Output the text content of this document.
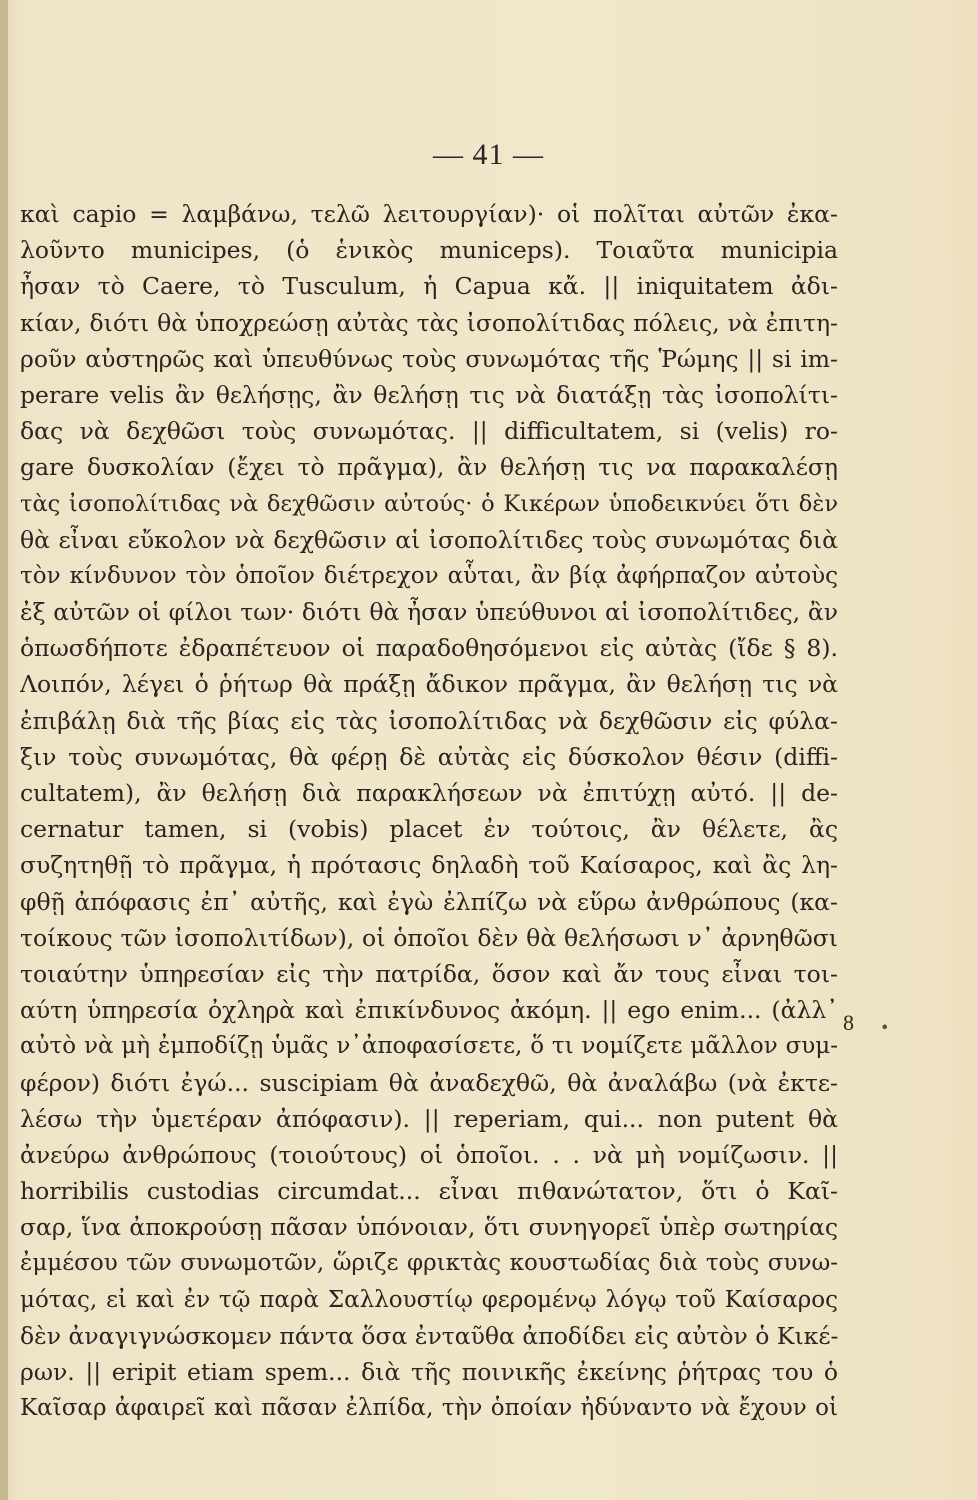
— 41 —
καὶ capio = λαμβάνω, τελῶ λειτουργίαν)· οἱ πολῖται αὐτῶν ἐκα-
λοῦντο municipes, (ὁ ἑνικὸς municeps). Τοιαῦτα municipia
ἦσαν τὸ Caere, τὸ Tusculum, ἡ Capua κἄ. || iniquitatem ἀδι-
κίαν, διότι θὰ ὑποχρεώσῃ αὐτὰς τὰς ἰσοπολίτιδας πόλεις, νὰ ἐπιτη-
ροῦν αὐστηρῶς καὶ ὑπευθύνως τοὺς συνωμότας τῆς Ῥώμης || si im-
perare velis ἂν θελήσῃς, ἂν θελήσῃ τις νὰ διατάξῃ τὰς ἰσοπολίτι-
δας νὰ δεχθῶσι τοὺς συνωμότας. || difficultatem, si (velis) ro-
gare δυσκολίαν (ἔχει τὸ πρᾶγμα), ἂν θελήσῃ τις να παρακαλέσῃ
τὰς ἰσοπολίτιδας νὰ δεχθῶσιν αὐτούς· ὁ Κικέρων ὑποδεικνύει ὅτι δὲν
θὰ εἶναι εὔκολον νὰ δεχθῶσιν αἱ ἰσοπολίτιδες τοὺς συνωμότας διὰ
τὸν κίνδυνον τὸν ὁποῖον διέτρεχον αὗται, ἂν βίᾳ ἀφήρπαζον αὐτοὺς
ἐξ αὐτῶν οἱ φίλοι των· διότι θὰ ἦσαν ὑπεύθυνοι αἱ ἰσοπολίτιδες, ἂν
ὁπωσδήποτε ἐδραπέτευον οἱ παραδοθησόμενοι εἰς αὐτὰς (ἴδε § 8).
Λοιπόν, λέγει ὁ ῥήτωρ θὰ πράξῃ ἄδικον πρᾶγμα, ἂν θελήσῃ τις νὰ
ἐπιβάλῃ διὰ τῆς βίας εἰς τὰς ἰσοπολίτιδας νὰ δεχθῶσιν εἰς φύλα-
ξιν τοὺς συνωμότας, θὰ φέρῃ δὲ αὐτὰς εἰς δύσκολον θέσιν (diffi-
cultatem), ἂν θελήσῃ διὰ παρακλήσεων νὰ ἐπιτύχῃ αὐτό. || de-
cernatur tamen, si (vobis) placet ἐν τούτοις, ἂν θέλετε, ἂς
συζητηθῇ τὸ πρᾶγμα, ἡ πρότασις δηλαδὴ τοῦ Καίσαρος, καὶ ἂς λη-
φθῇ ἀπόφασις ἐπ᾽ αὐτῆς, καὶ ἐγὼ ἐλπίζω νὰ εὕρω ἀνθρώπους (κα-
τοίκους τῶν ἰσοπολιτίδων), οἱ ὁποῖοι δὲν θὰ θελήσωσι ν᾽ ἀρνηθῶσι
τοιαύτην ὑπηρεσίαν εἰς τὴν πατρίδα, ὅσον καὶ ἄν τους εἶναι τοι-
αύτη ὑπηρεσία ὀχληρὰ καὶ ἐπικίνδυνος ἀκόμη. || ego enim... (ἀλλ᾽
αὐτὸ νὰ μὴ ἐμποδίζῃ ὑμᾶς ν᾽ἀποφασίσετε, ὅ τι νομίζετε μᾶλλον συμ-
φέρον) διότι ἐγώ... suscipiam θὰ ἀναδεχθῶ, θὰ ἀναλάβω (νὰ ἐκτε-
λέσω τὴν ὑμετέραν ἀπόφασιν). || reperiam, qui... non putent θὰ
ἀνεύρω ἀνθρώπους (τοιούτους) οἱ ὁποῖοι. . . νὰ μὴ νομίζωσιν. ||
horribilis custodias circumdat... εἶναι πιθανώτατον, ὅτι ὁ Καῖ-
σαρ, ἵνα ἀποκρούσῃ πᾶσαν ὑπόνοιαν, ὅτι συνηγορεῖ ὑπὲρ σωτηρίας
ἐμμέσου τῶν συνωμοτῶν, ὥριζε φρικτὰς κουστωδίας διὰ τοὺς συνω-
μότας, εἰ καὶ ἐν τῷ παρὰ Σαλλουστίῳ φερομένῳ λόγῳ τοῦ Καίσαρος
δὲν ἀναγιγνώσκομεν πάντα ὅσα ἐνταῦθα ἀποδίδει εἰς αὐτὸν ὁ Κικέ-
ρων. || eripit etiam spem... διὰ τῆς ποινικῆς ἐκείνης ῥήτρας του ὁ
Καῖσαρ ἀφαιρεῖ καὶ πᾶσαν ἐλπίδα, τὴν ὁποίαν ἠδύναντο νὰ ἔχουν οἱ
8 •
